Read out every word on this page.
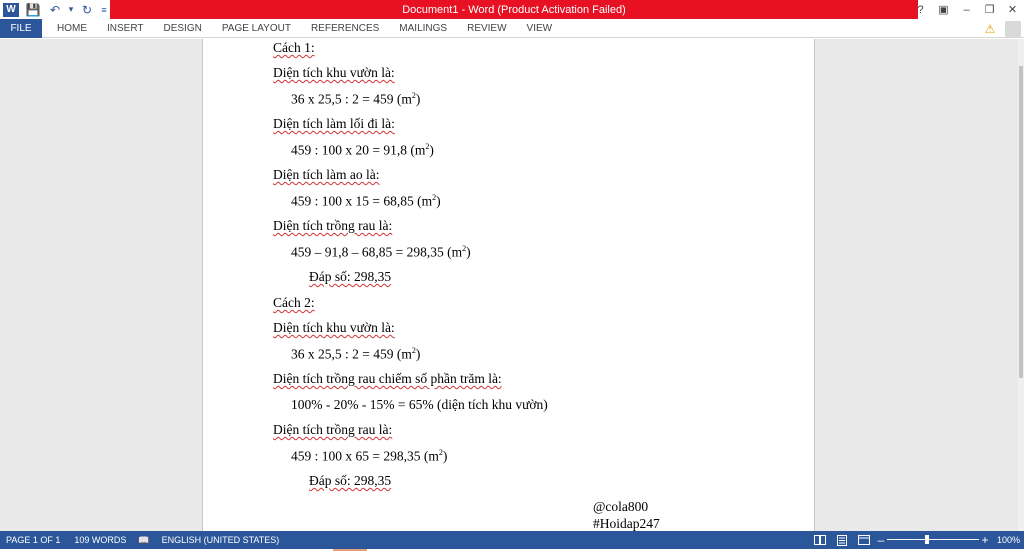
W 💾 ↶ ▾ ↻	≡	Document1 - Word (Product Activation Failed)	?	▣	–	❐	✕
FILE	HOME	INSERT	DESIGN	PAGE LAYOUT	REFERENCES	MAILINGS	REVIEW	VIEW	⚠
Cách 1:
Diện tích khu vườn là:
36 x 25,5 : 2 = 459 $(m^2)$
Diện tích làm lối đi là:
459 : 100 x 20 = 91,8 $(m^2)$
Diện tích làm ao là:
459 : 100 x 15 = 68,85 $(m^2)$
Diện tích trồng rau là:
459 – 91,8 – 68,85 = 298,35 $(m^2)$
Đáp số: 298,35
Cách 2:
Diện tích khu vườn là:
36 x 25,5 : 2 = 459 $(m^2)$
Diện tích trồng rau chiếm số phần trăm là:
100% - 20% - 15% = 65% (diện tích khu vườn)
Diện tích trồng rau là:
459 : 100 x 65 = 298,35 $(m^2)$
Đáp số: 298,35
@cola800
#Hoidap247
PAGE 1 OF 1	109 WORDS	📖	ENGLISH (UNITED STATES)	–	+ 100%
